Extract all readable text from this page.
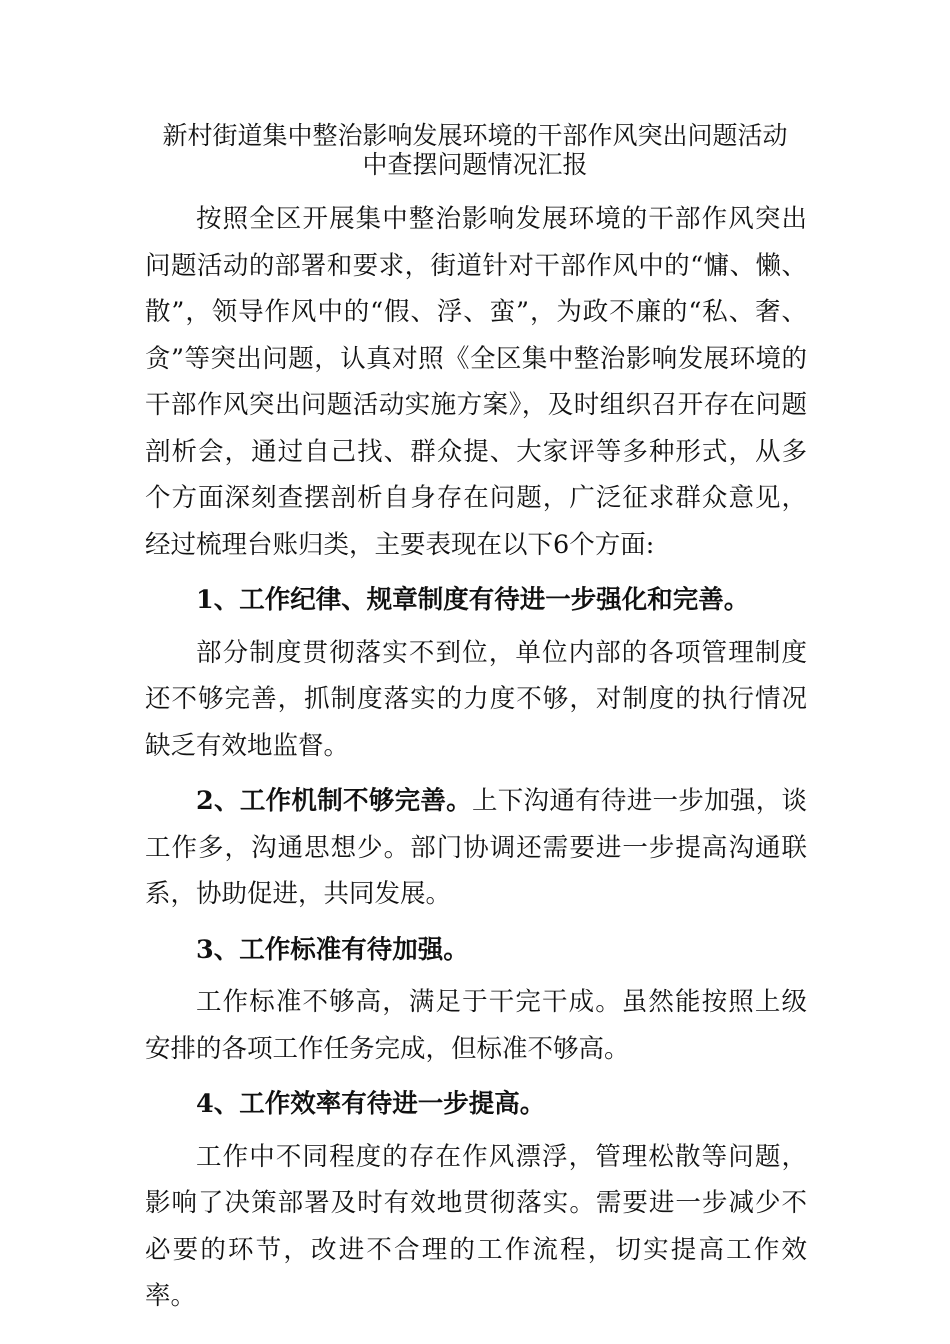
新村街道集中整治影响发展环境的干部作风突出问题活动
中查摆问题情况汇报

按照全区开展集中整治影响发展环境的干部作风突出问题活动的部署和要求，街道针对干部作风中的“慵、懒、散”，领导作风中的“假、浮、蛮”，为政不廉的“私、奢、贪”等突出问题，认真对照《全区集中整治影响发展环境的干部作风突出问题活动实施方案》，及时组织召开存在问题剖析会，通过自己找、群众提、大家评等多种形式，从多个方面深刻查摆剖析自身存在问题，广泛征求群众意见，经过梳理台账归类，主要表现在以下6个方面:

1、工作纪律、规章制度有待进一步强化和完善。

部分制度贯彻落实不到位，单位内部的各项管理制度还不够完善，抓制度落实的力度不够，对制度的执行情况缺乏有效地监督。

2、工作机制不够完善。上下沟通有待进一步加强，谈工作多，沟通思想少。部门协调还需要进一步提高沟通联系，协助促进，共同发展。

3、工作标准有待加强。

工作标准不够高，满足于干完干成。虽然能按照上级安排的各项工作任务完成，但标准不够高。

4、工作效率有待进一步提高。

工作中不同程度的存在作风漂浮，管理松散等问题，影响了决策部署及时有效地贯彻落实。需要进一步减少不必要的环节，改进不合理的工作流程，切实提高工作效率。
